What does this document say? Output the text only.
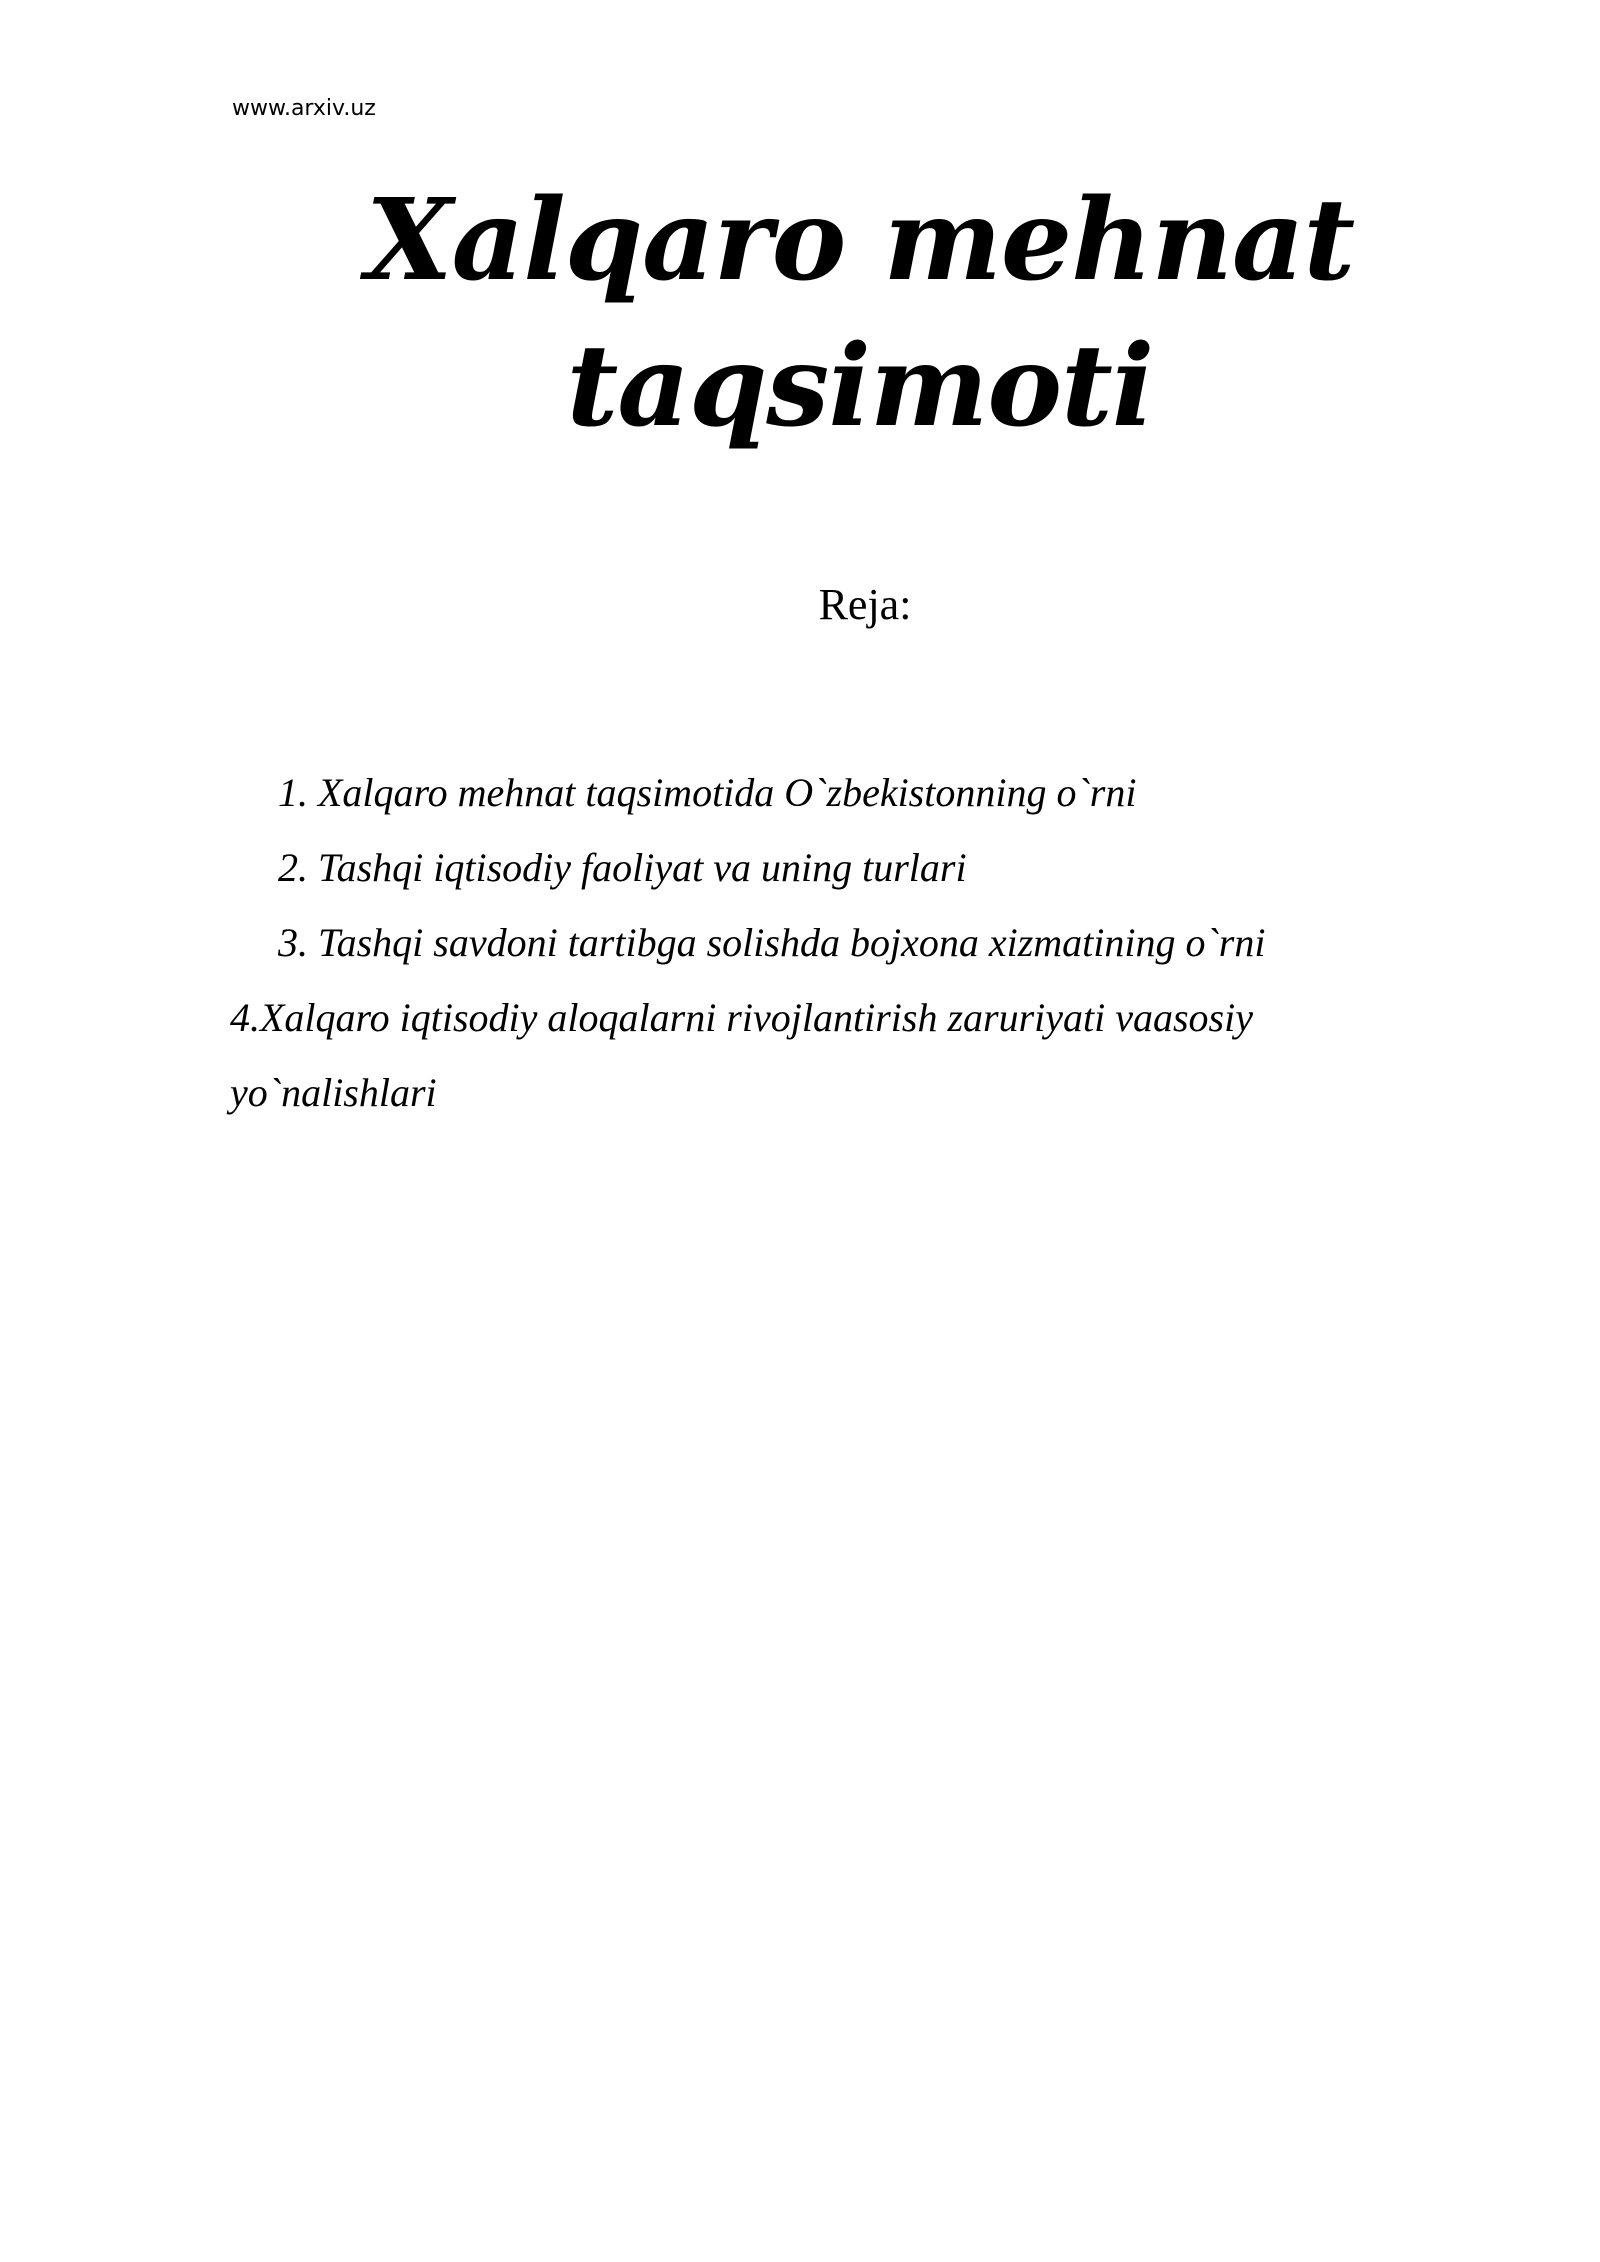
www.arxiv.uz
Xalqaro mehnat
taqsimoti
Reja:
1. Xalqaro mehnat taqsimotida O`zbekistonning o`rni
2. Tashqi iqtisodiy faoliyat va uning turlari
3. Tashqi savdoni tartibga solishda bojxona xizmatining o`rni
4.Xalqaro iqtisodiy aloqalarni rivojlantirish zaruriyati vaasosiy yo`nalishlari
